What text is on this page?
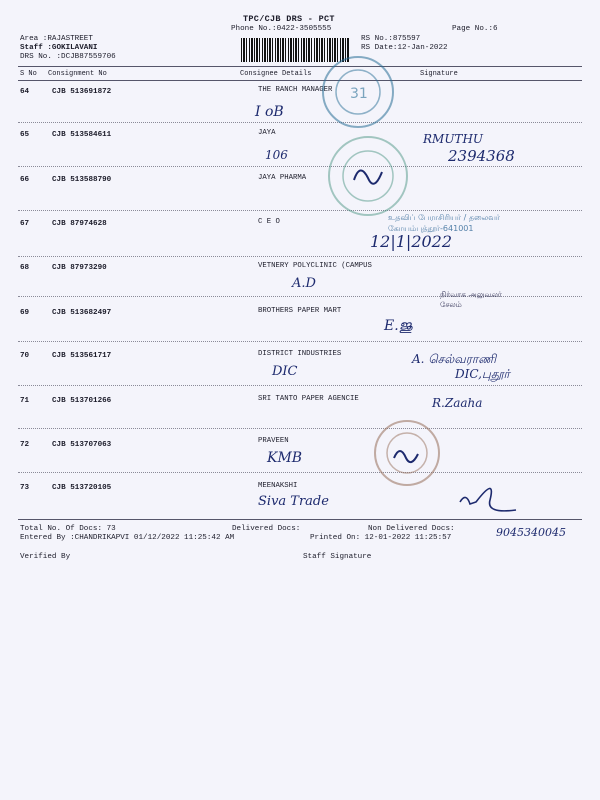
TPC/CJB DRS - PCT
Phone No.:0422-3505555	Page No.:6
Area :RAJASTREET
Staff :GOKILAVANI
DRS No. :DCJB87559706
RS No.:875597
RS Date:12-Jan-2022
S No Consignment No	Consignee Details	Signature
64	CJB 513691872	THE RANCH MANAGER
I oB
65	CJB 513584611	JAYA
106
RMUTHU
2394368
66	CJB 513588790	JAYA PHARMA
67	CJB 87974628	C E O
12|1|2022
68	CJB 87973290	VETNERY POLYCLINIC (CAMPUS
A.D
69	CJB 513682497	BROTHERS PAPER MART
E.ജു
70	CJB 513561717	DISTRICT INDUSTRIES
DIC
A. செல்வராணி
DIC,புதூர்
71	CJB 513701266	SRI TANTO PAPER AGENCIE	R.Zaaha
72	CJB 513707063	PRAVEEN
KMB
73	CJB 513720105	MEENAKSHI
Siva Trade
31
உதவிப் பேராசிரியர் / தலைவர்
கோயம்புத்தூர்-641001
நிர்வாக அலுவலர்
சேலம்
9045340045
Total No. Of Docs: 73	Delivered Docs:	Non Delivered Docs:
Entered By :CHANDRIKAPVI 01/12/2022 11:25:42 AM	Printed On: 12-01-2022 11:25:57
Verified By	Staff Signature
